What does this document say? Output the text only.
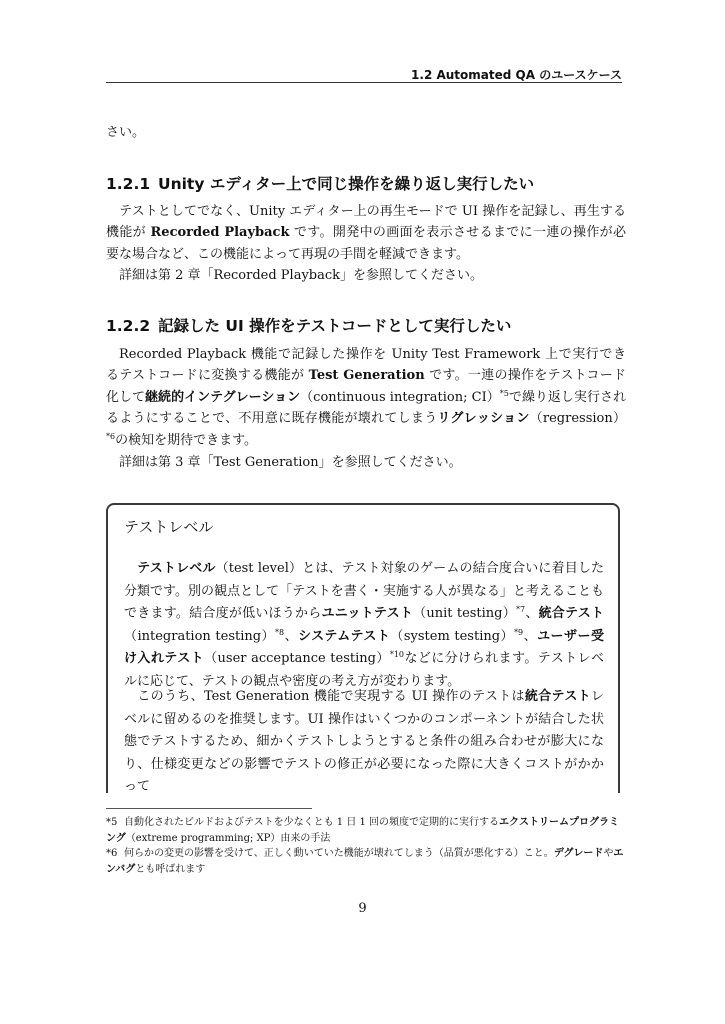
1.2 Automated QA のユースケース

さい。

1.2.1 Unity エディター上で同じ操作を繰り返し実行したい

テストとしてでなく、Unity エディター上の再生モードで UI 操作を記録し、再生する機能が Recorded Playback です。開発中の画面を表示させるまでに一連の操作が必要な場合など、この機能によって再現の手間を軽減できます。

詳細は第 2 章「Recorded Playback」を参照してください。

1.2.2 記録した UI 操作をテストコードとして実行したい

Recorded Playback 機能で記録した操作を Unity Test Framework 上で実行できるテストコードに変換する機能が Test Generation です。一連の操作をテストコード化して継続的インテグレーション（continuous integration; CI）$^{*5}$で繰り返し実行されるようにすることで、不用意に既存機能が壊れてしまうリグレッション（regression）$^{*6}$の検知を期待できます。

詳細は第 3 章「Test Generation」を参照してください。

テストレベル

テストレベル（test level）とは、テスト対象のゲームの結合度合いに着目した分類です。別の観点として「テストを書く・実施する人が異なる」と考えることもできます。結合度が低いほうからユニットテスト（unit testing）$^{*7}$、統合テスト（integration testing）$^{*8}$、システムテスト（system testing）$^{*9}$、ユーザー受け入れテスト（user acceptance testing）$^{*10}$などに分けられます。テストレベルに応じて、テストの観点や密度の考え方が変わります。

このうち、Test Generation 機能で実現する UI 操作のテストは統合テストレベルに留めるのを推奨します。UI 操作はいくつかのコンポーネントが結合した状態でテストするため、細かくテストしようとすると条件の組み合わせが膨大になり、仕様変更などの影響でテストの修正が必要になった際に大きくコストがかかって

*5 自動化されたビルドおよびテストを少なくとも 1 日 1 回の頻度で定期的に実行するエクストリームプログラミング（extreme programming; XP）由来の手法

*6 何らかの変更の影響を受けて、正しく動いていた機能が壊れてしまう（品質が悪化する）こと。デグレードやエンバグとも呼ばれます

9
